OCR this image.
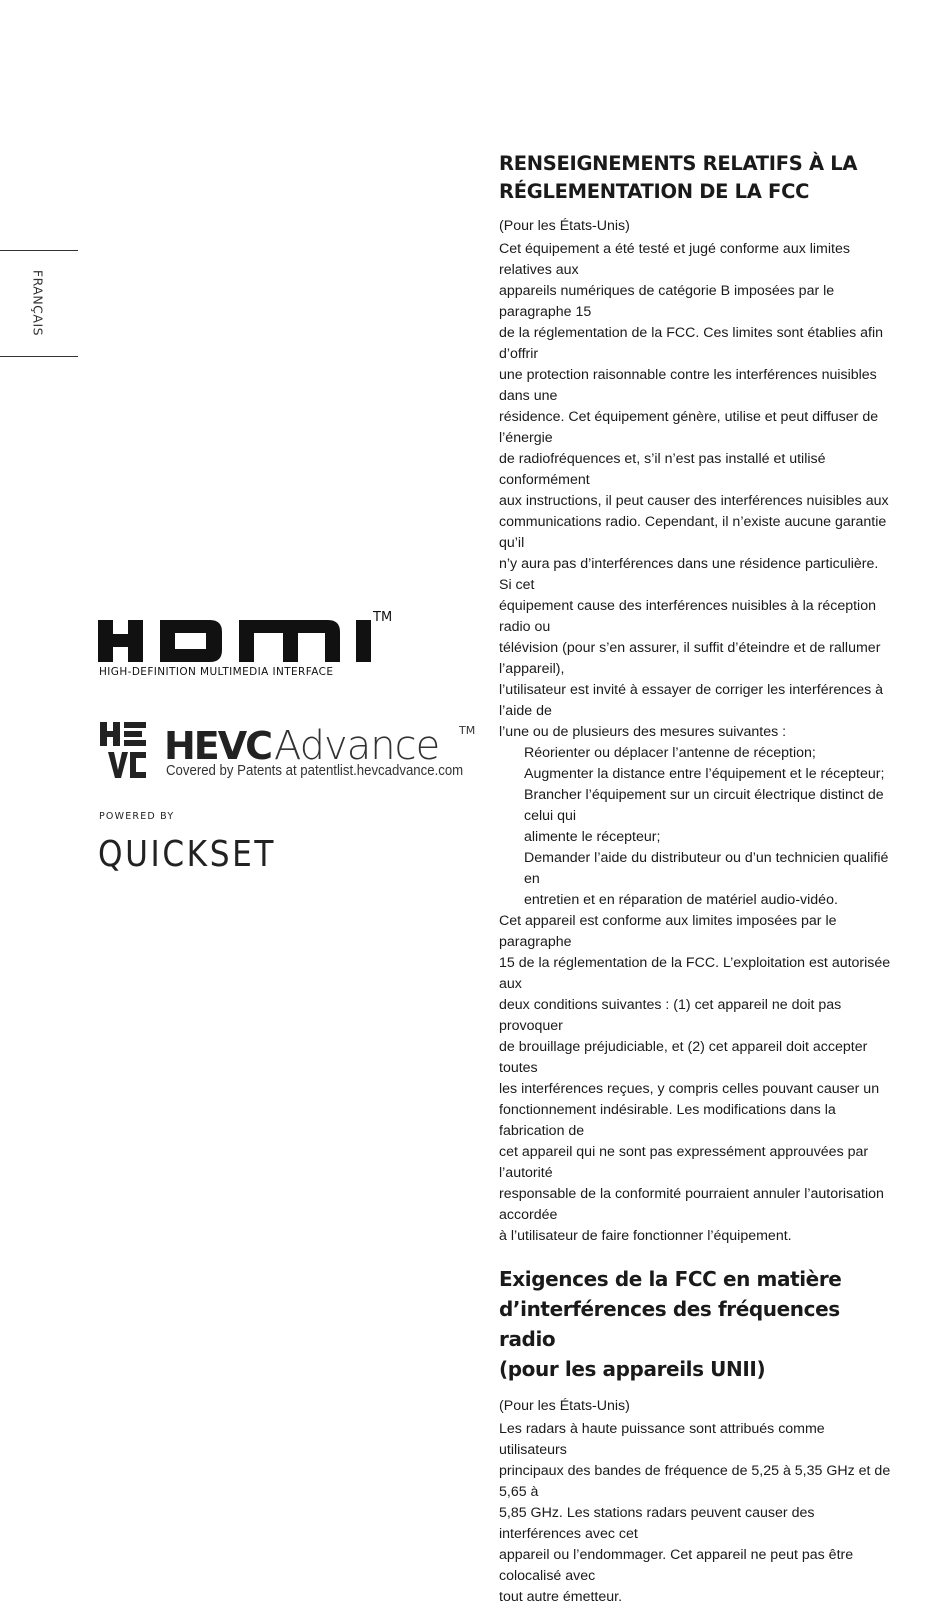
FRANÇAIS
TM
HIGH-DEFINITION MULTIMEDIA INTERFACE
HEVC Advance TM
Covered by Patents at patentlist.hevcadvance.com
POWERED BY
QUICKSET
RENSEIGNEMENTS RELATIFS À LA
RÉGLEMENTATION DE LA FCC

(Pour les États-Unis)

Cet équipement a été testé et jugé conforme aux limites relatives aux

appareils numériques de catégorie B imposées par le paragraphe 15

de la réglementation de la FCC. Ces limites sont établies afin d’offrir

une protection raisonnable contre les interférences nuisibles dans une

résidence. Cet équipement génère, utilise et peut diffuser de l’énergie

de radiofréquences et, s’il n’est pas installé et utilisé conformément

aux instructions, il peut causer des interférences nuisibles aux

communications radio. Cependant, il n’existe aucune garantie qu’il

n’y aura pas d’interférences dans une résidence particulière. Si cet

équipement cause des interférences nuisibles à la réception radio ou

télévision (pour s’en assurer, il suffit d’éteindre et de rallumer l’appareil),

l’utilisateur est invité à essayer de corriger les interférences à l’aide de

l’une ou de plusieurs des mesures suivantes :

Réorienter ou déplacer l’antenne de réception;

Augmenter la distance entre l’équipement et le récepteur;

Brancher l’équipement sur un circuit électrique distinct de celui qui

alimente le récepteur;

Demander l’aide du distributeur ou d’un technicien qualifié en

entretien et en réparation de matériel audio-vidéo.

Cet appareil est conforme aux limites imposées par le paragraphe

15 de la réglementation de la FCC. L’exploitation est autorisée aux

deux conditions suivantes : (1) cet appareil ne doit pas provoquer

de brouillage préjudiciable, et (2) cet appareil doit accepter toutes

les interférences reçues, y compris celles pouvant causer un

fonctionnement indésirable. Les modifications dans la fabrication de

cet appareil qui ne sont pas expressément approuvées par l’autorité

responsable de la conformité pourraient annuler l’autorisation accordée

à l’utilisateur de faire fonctionner l’équipement.

Exigences de la FCC en matière
d’interférences des fréquences radio
(pour les appareils UNII)

(Pour les États-Unis)

Les radars à haute puissance sont attribués comme utilisateurs

principaux des bandes de fréquence de 5,25 à 5,35 GHz et de 5,65 à

5,85 GHz. Les stations radars peuvent causer des interférences avec cet

appareil ou l’endommager. Cet appareil ne peut pas être colocalisé avec

tout autre émetteur.
